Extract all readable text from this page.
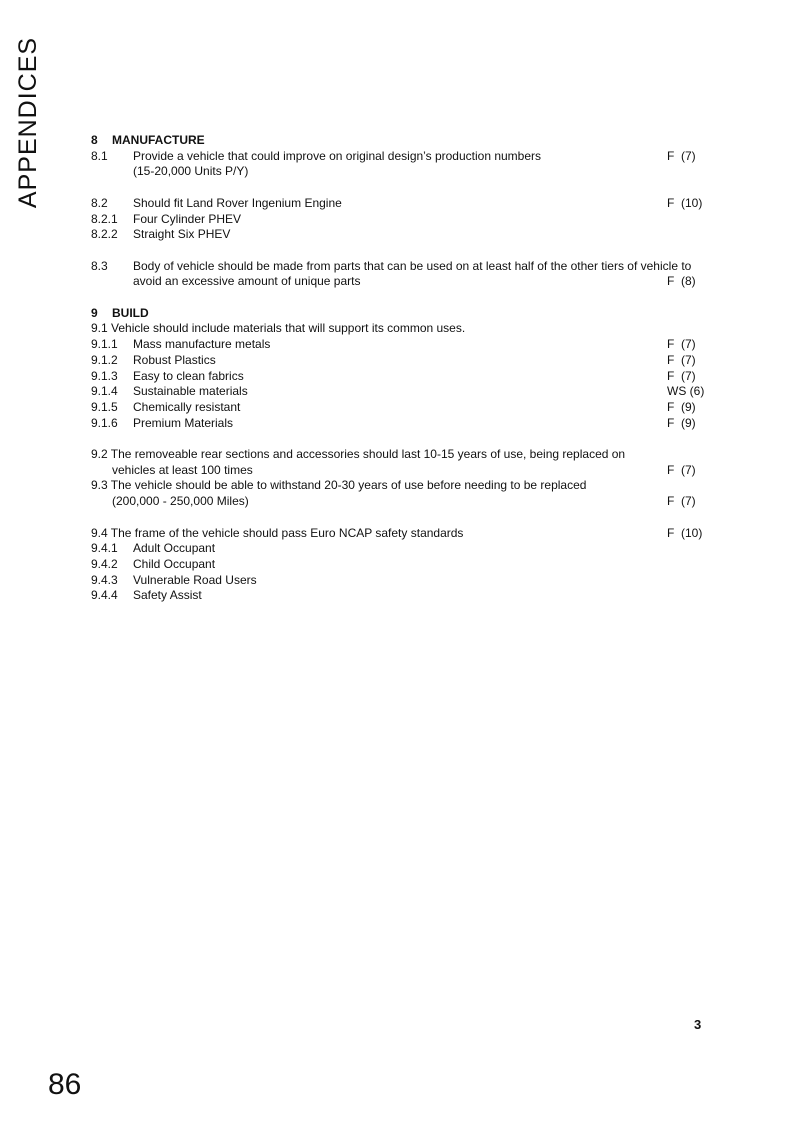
APPENDICES	8	MANUFACTURE
8.1	Provide a vehicle that could improve on original design’s production numbers	F  (7)
(15-20,000 Units P/Y)
8.2	Should fit Land Rover Ingenium Engine	F  (10)
8.2.1	Four Cylinder PHEV
8.2.2	Straight Six PHEV
8.3	Body of vehicle should be made from parts that can be used on at least half of the other tiers of vehicle to
avoid an excessive amount of unique parts	F  (8)
9	BUILD
9.1 Vehicle should include materials that will support its common uses.
9.1.1	Mass manufacture metals	F  (7)
9.1.2	Robust Plastics	F  (7)
9.1.3	Easy to clean fabrics	F  (7)
9.1.4	Sustainable materials	WS (6)
9.1.5	Chemically resistant	F  (9)
9.1.6	Premium Materials	F  (9)
9.2 The removeable rear sections and accessories should last 10-15 years of use, being replaced on
vehicles at least 100 times	F  (7)
9.3 The vehicle should be able to withstand 20-30 years of use before needing to be replaced
(200,000 - 250,000 Miles)	F  (7)
9.4 The frame of the vehicle should pass Euro NCAP safety standards	F  (10)
9.4.1	Adult Occupant
9.4.2	Child Occupant
9.4.3	Vulnerable Road Users
9.4.4	Safety Assist
3
86
